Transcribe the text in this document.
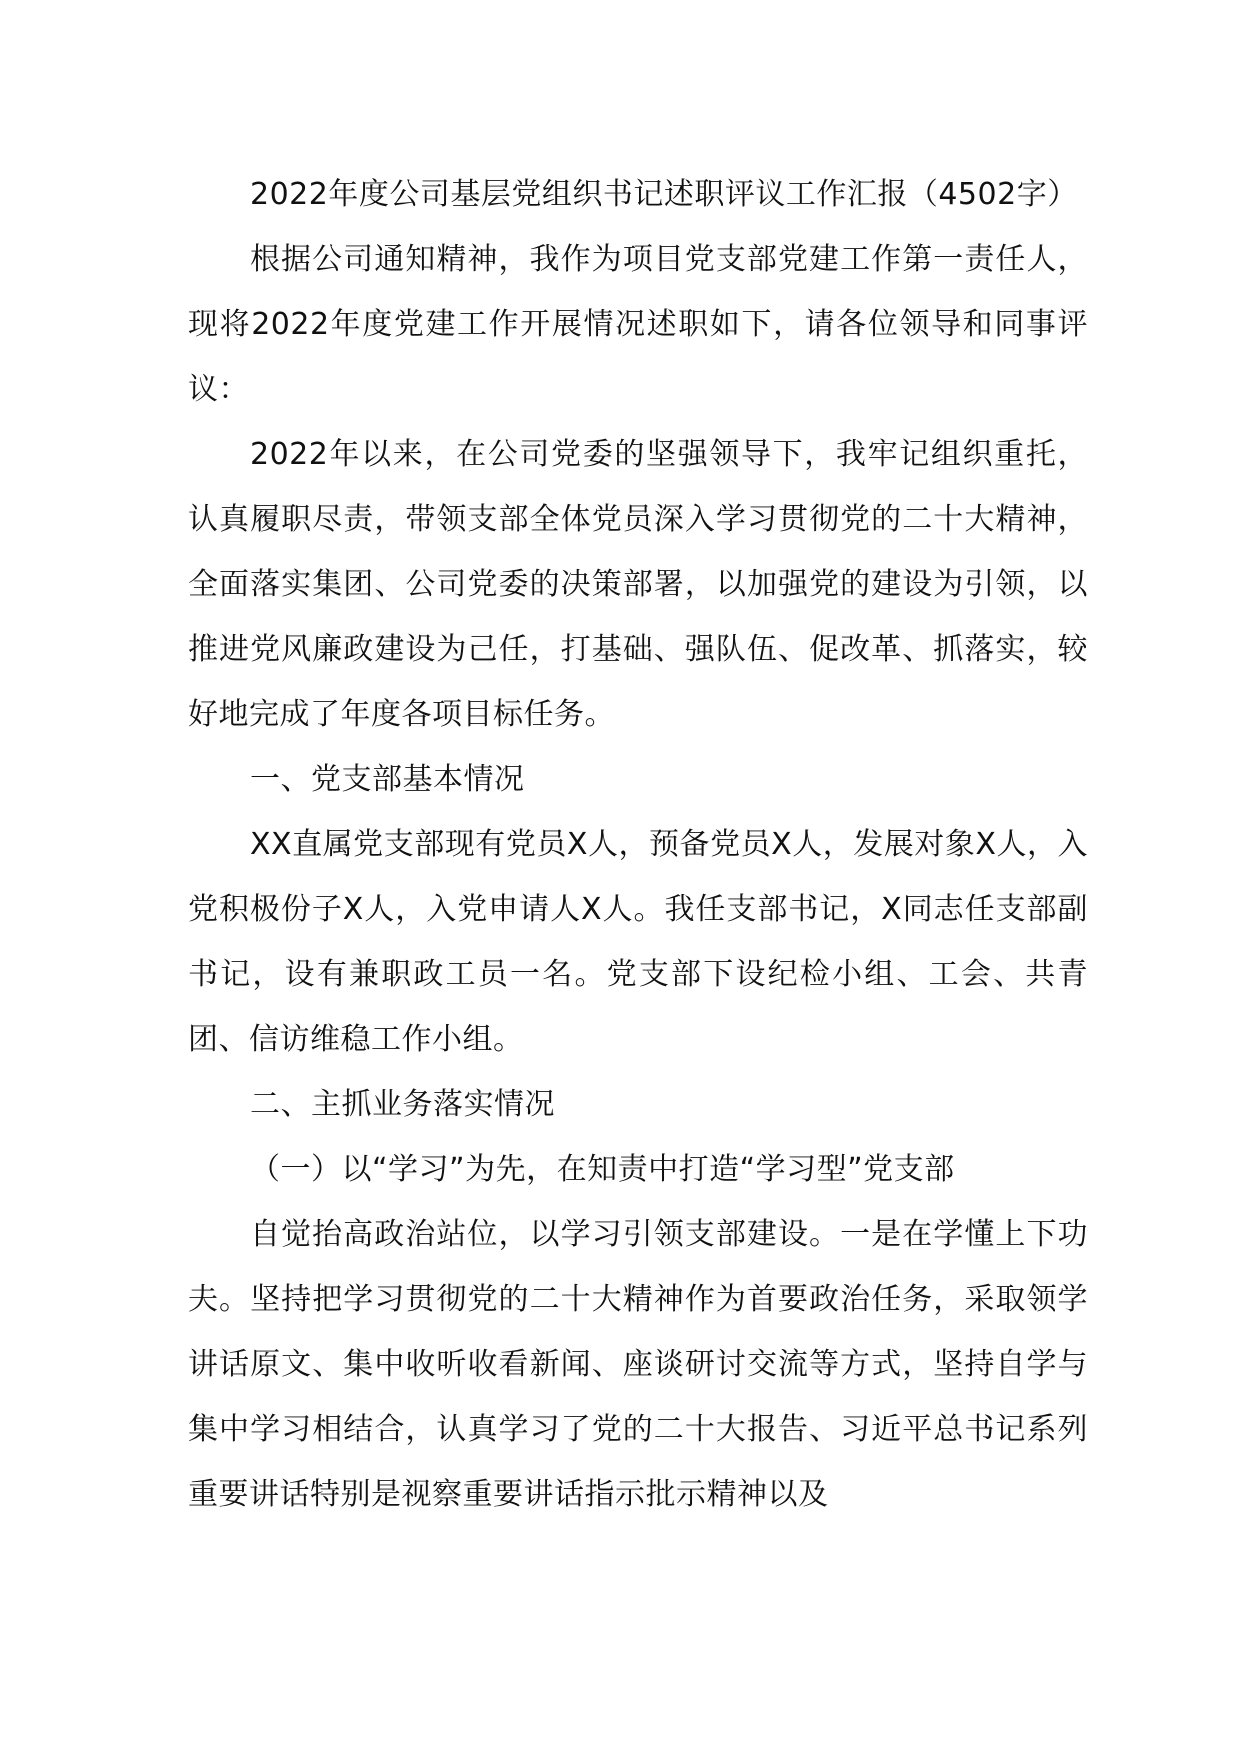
2022年度公司基层党组织书记述职评议工作汇报（4502字）

根据公司通知精神，我作为项目党支部党建工作第一责任人，现将2022年度党建工作开展情况述职如下，请各位领导和同事评议：

2022年以来，在公司党委的坚强领导下，我牢记组织重托，认真履职尽责，带领支部全体党员深入学习贯彻党的二十大精神，全面落实集团、公司党委的决策部署，以加强党的建设为引领，以推进党风廉政建设为己任，打基础、强队伍、促改革、抓落实，较好地完成了年度各项目标任务。

一、党支部基本情况

XX直属党支部现有党员X人，预备党员X人，发展对象X人，入党积极份子X人，入党申请人X人。我任支部书记，X同志任支部副书记，设有兼职政工员一名。党支部下设纪检小组、工会、共青团、信访维稳工作小组。

二、主抓业务落实情况

（一）以“学习”为先，在知责中打造“学习型”党支部

自觉抬高政治站位，以学习引领支部建设。一是在学懂上下功夫。坚持把学习贯彻党的二十大精神作为首要政治任务，采取领学讲话原文、集中收听收看新闻、座谈研讨交流等方式，坚持自学与集中学习相结合，认真学习了党的二十大报告、习近平总书记系列重要讲话特别是视察重要讲话指示批示精神以及
